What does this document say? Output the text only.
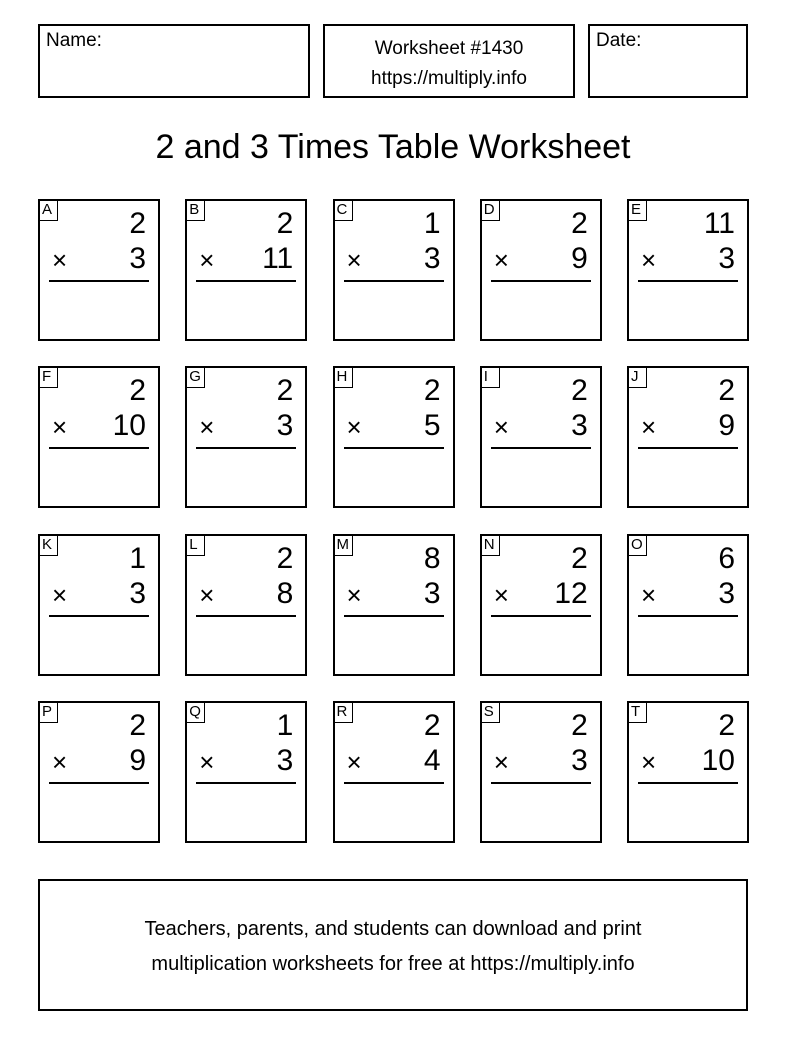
Name:	Worksheet #1430
https://multiply.info
Date:
2 and 3 Times Table Worksheet
A	2
× 3
B	2
× 11
C	1
× 3
D	2
× 9
E 11
× 3
F	2
× 10
G	2
× 3
H	2
× 5
I	2
× 3
J	2
× 9
K	1
× 3
L	2
× 8
M 8
× 3
N	2
× 12
O	6
× 3
P	2
× 9
Q	1
× 3
R	2
× 4
S	2
× 3
T	2
× 10
Teachers, parents, and students can download and print
multiplication worksheets for free at https://multiply.info
